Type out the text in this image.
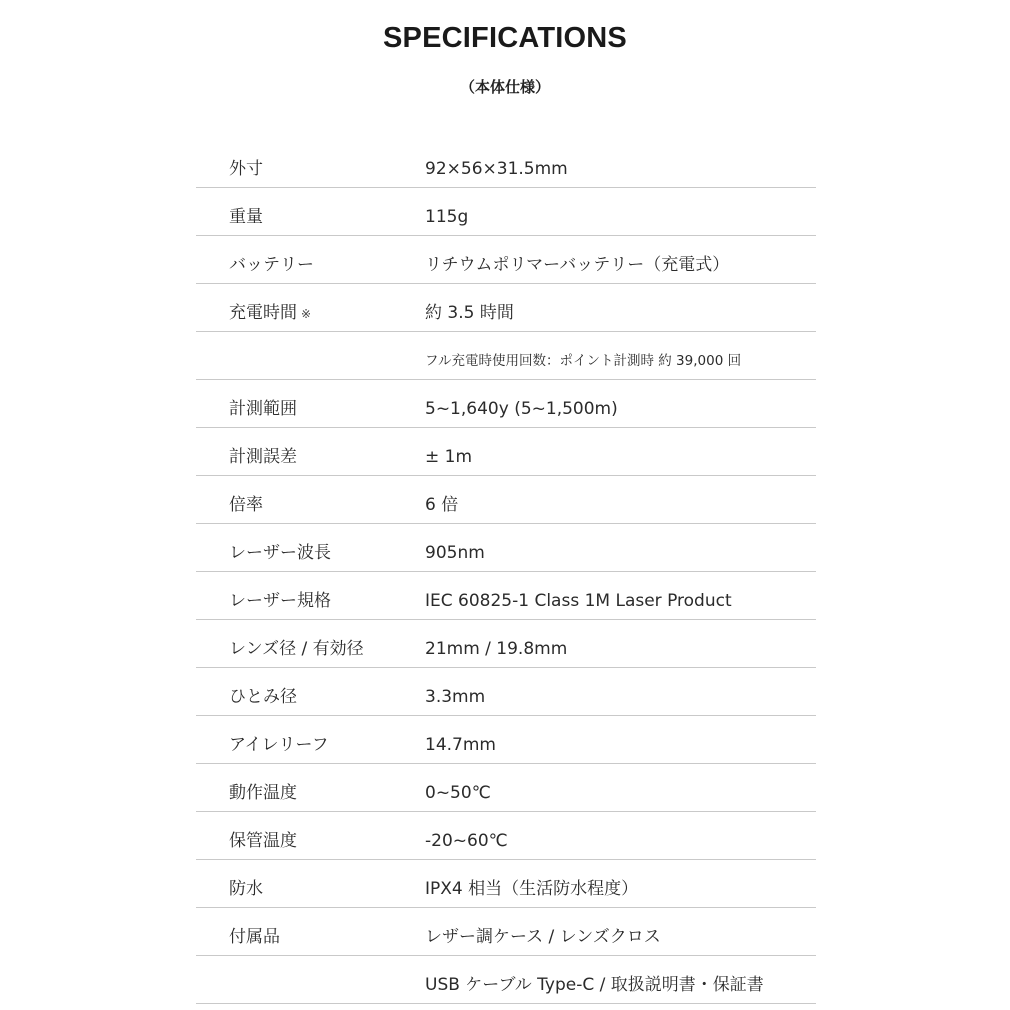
SPECIFICATIONS
（本体仕様）
外寸	92×56×31.5mm
重量	115g
バッテリー	リチウムポリマーバッテリー（充電式）
充電時間 ※	約 3.5 時間
フル充電時使用回数：ポイント計測時 約 39,000 回
計測範囲	5~1,640y (5~1,500m)
計測誤差	± 1m
倍率	6 倍
レーザー波長	905nm
レーザー規格	IEC 60825-1 Class 1M Laser Product
レンズ径 / 有効径	21mm / 19.8mm
ひとみ径	3.3mm
アイレリーフ	14.7mm
動作温度	0~50℃
保管温度	-20~60℃
防水	IPX4 相当（生活防水程度）
付属品	レザー調ケース / レンズクロス
USB ケーブル Type-C / 取扱説明書・保証書
